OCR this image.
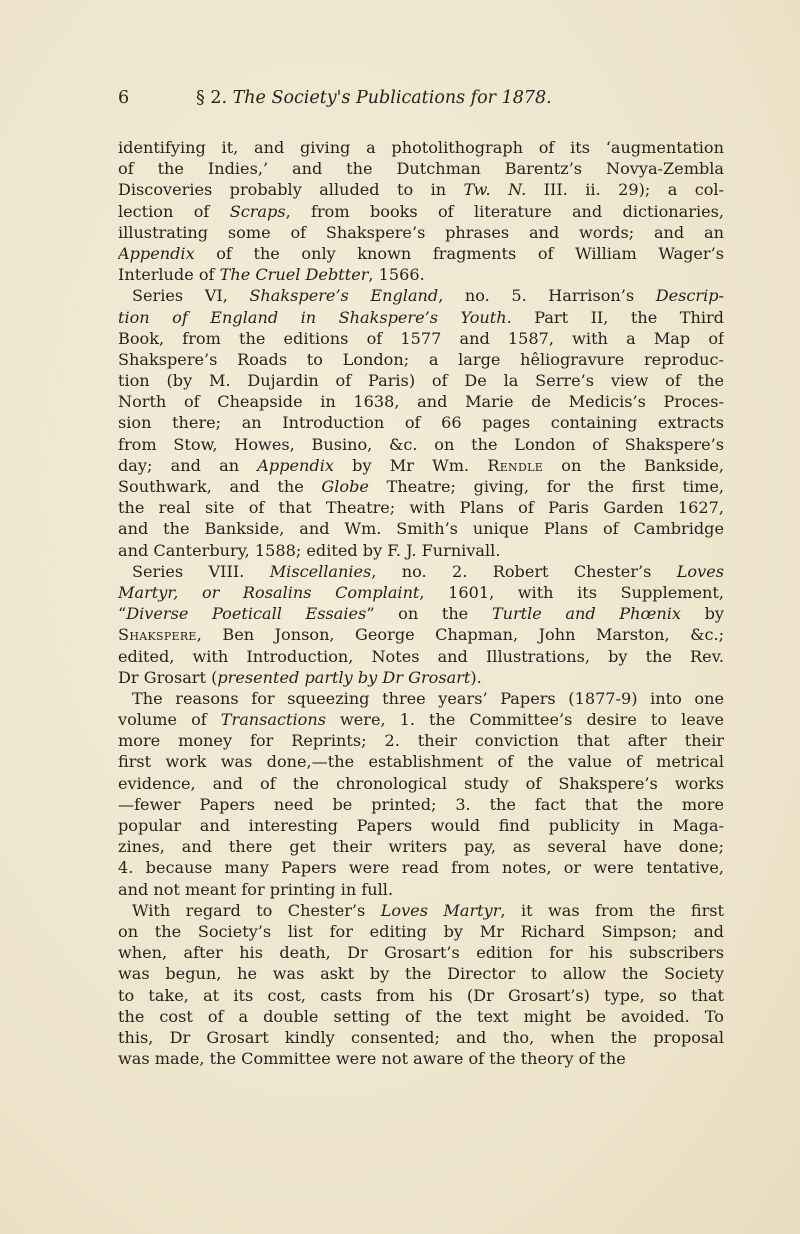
6	§ 2. The Society's Publications for 1878.
identifying it, and giving a photolithograph of its ‘augmentation
of the Indies,’ and the Dutchman Barentz’s Novya-Zembla
Discoveries probably alluded to in Tw. N. III. ii. 29); a col-
lection of Scraps, from books of literature and dictionaries,
illustrating some of Shakspere’s phrases and words; and an
Appendix of the only known fragments of William Wager’s
Interlude of The Cruel Debtter, 1566.
Series VI, Shakspere’s England, no. 5. Harrison’s Descrip-
tion of England in Shakspere’s Youth. Part II, the Third
Book, from the editions of 1577 and 1587, with a Map of
Shakspere’s Roads to London; a large hêliogravure reproduc-
tion (by M. Dujardin of Paris) of De la Serre’s view of the
North of Cheapside in 1638, and Marie de Medicis’s Proces-
sion there; an Introduction of 66 pages containing extracts
from Stow, Howes, Busino, &c. on the London of Shakspere’s
day; and an Appendix by Mr Wm. Rendle on the Bankside,
Southwark, and the Globe Theatre; giving, for the first time,
the real site of that Theatre; with Plans of Paris Garden 1627,
and the Bankside, and Wm. Smith’s unique Plans of Cambridge
and Canterbury, 1588; edited by F. J. Furnivall.
Series VIII. Miscellanies, no. 2. Robert Chester’s Loves
Martyr, or Rosalins Complaint, 1601, with its Supplement,
“Diverse Poeticall Essaies” on the Turtle and Phœnix by
Shakspere, Ben Jonson, George Chapman, John Marston, &c.;
edited, with Introduction, Notes and Illustrations, by the Rev.
Dr Grosart (presented partly by Dr Grosart).
The reasons for squeezing three years’ Papers (1877-9) into one
volume of Transactions were, 1. the Committee’s desire to leave
more money for Reprints; 2. their conviction that after their
first work was done,—the establishment of the value of metrical
evidence, and of the chronological study of Shakspere’s works
—fewer Papers need be printed; 3. the fact that the more
popular and interesting Papers would find publicity in Maga-
zines, and there get their writers pay, as several have done;
4. because many Papers were read from notes, or were tentative,
and not meant for printing in full.
With regard to Chester’s Loves Martyr, it was from the first
on the Society’s list for editing by Mr Richard Simpson; and
when, after his death, Dr Grosart’s edition for his subscribers
was begun, he was askt by the Director to allow the Society
to take, at its cost, casts from his (Dr Grosart’s) type, so that
the cost of a double setting of the text might be avoided. To
this, Dr Grosart kindly consented; and tho, when the proposal
was made, the Committee were not aware of the theory of the
